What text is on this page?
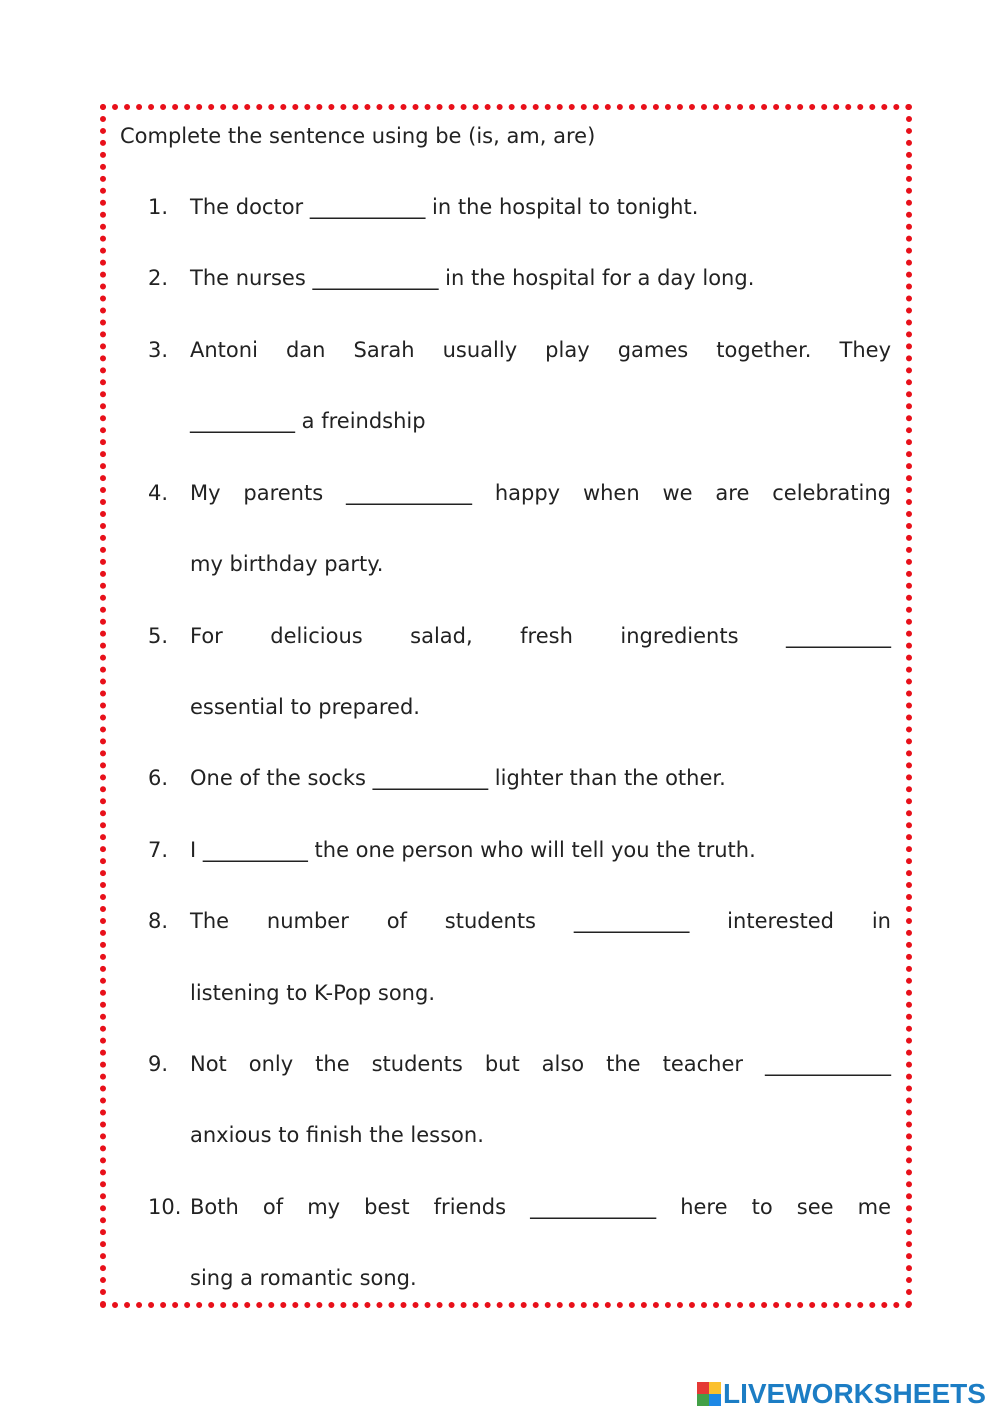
Complete the sentence using be (is, am, are)
1. The doctor ___________ in the hospital to tonight.
2. The nurses ____________ in the hospital for a day long.
3. Antoni dan Sarah usually play games together. They
__________ a freindship
4. My parents ____________ happy when we are celebrating
my birthday party.
5. For delicious salad, fresh ingredients __________
essential to prepared.
6. One of the socks ___________ lighter than the other.
7. I __________ the one person who will tell you the truth.
8. The number of students ___________ interested in
listening to K-Pop song.
9. Not only the students but also the teacher ____________
anxious to finish the lesson.
10. Both of my best friends ____________ here to see me
sing a romantic song.
LIVEWORKSHEETS
